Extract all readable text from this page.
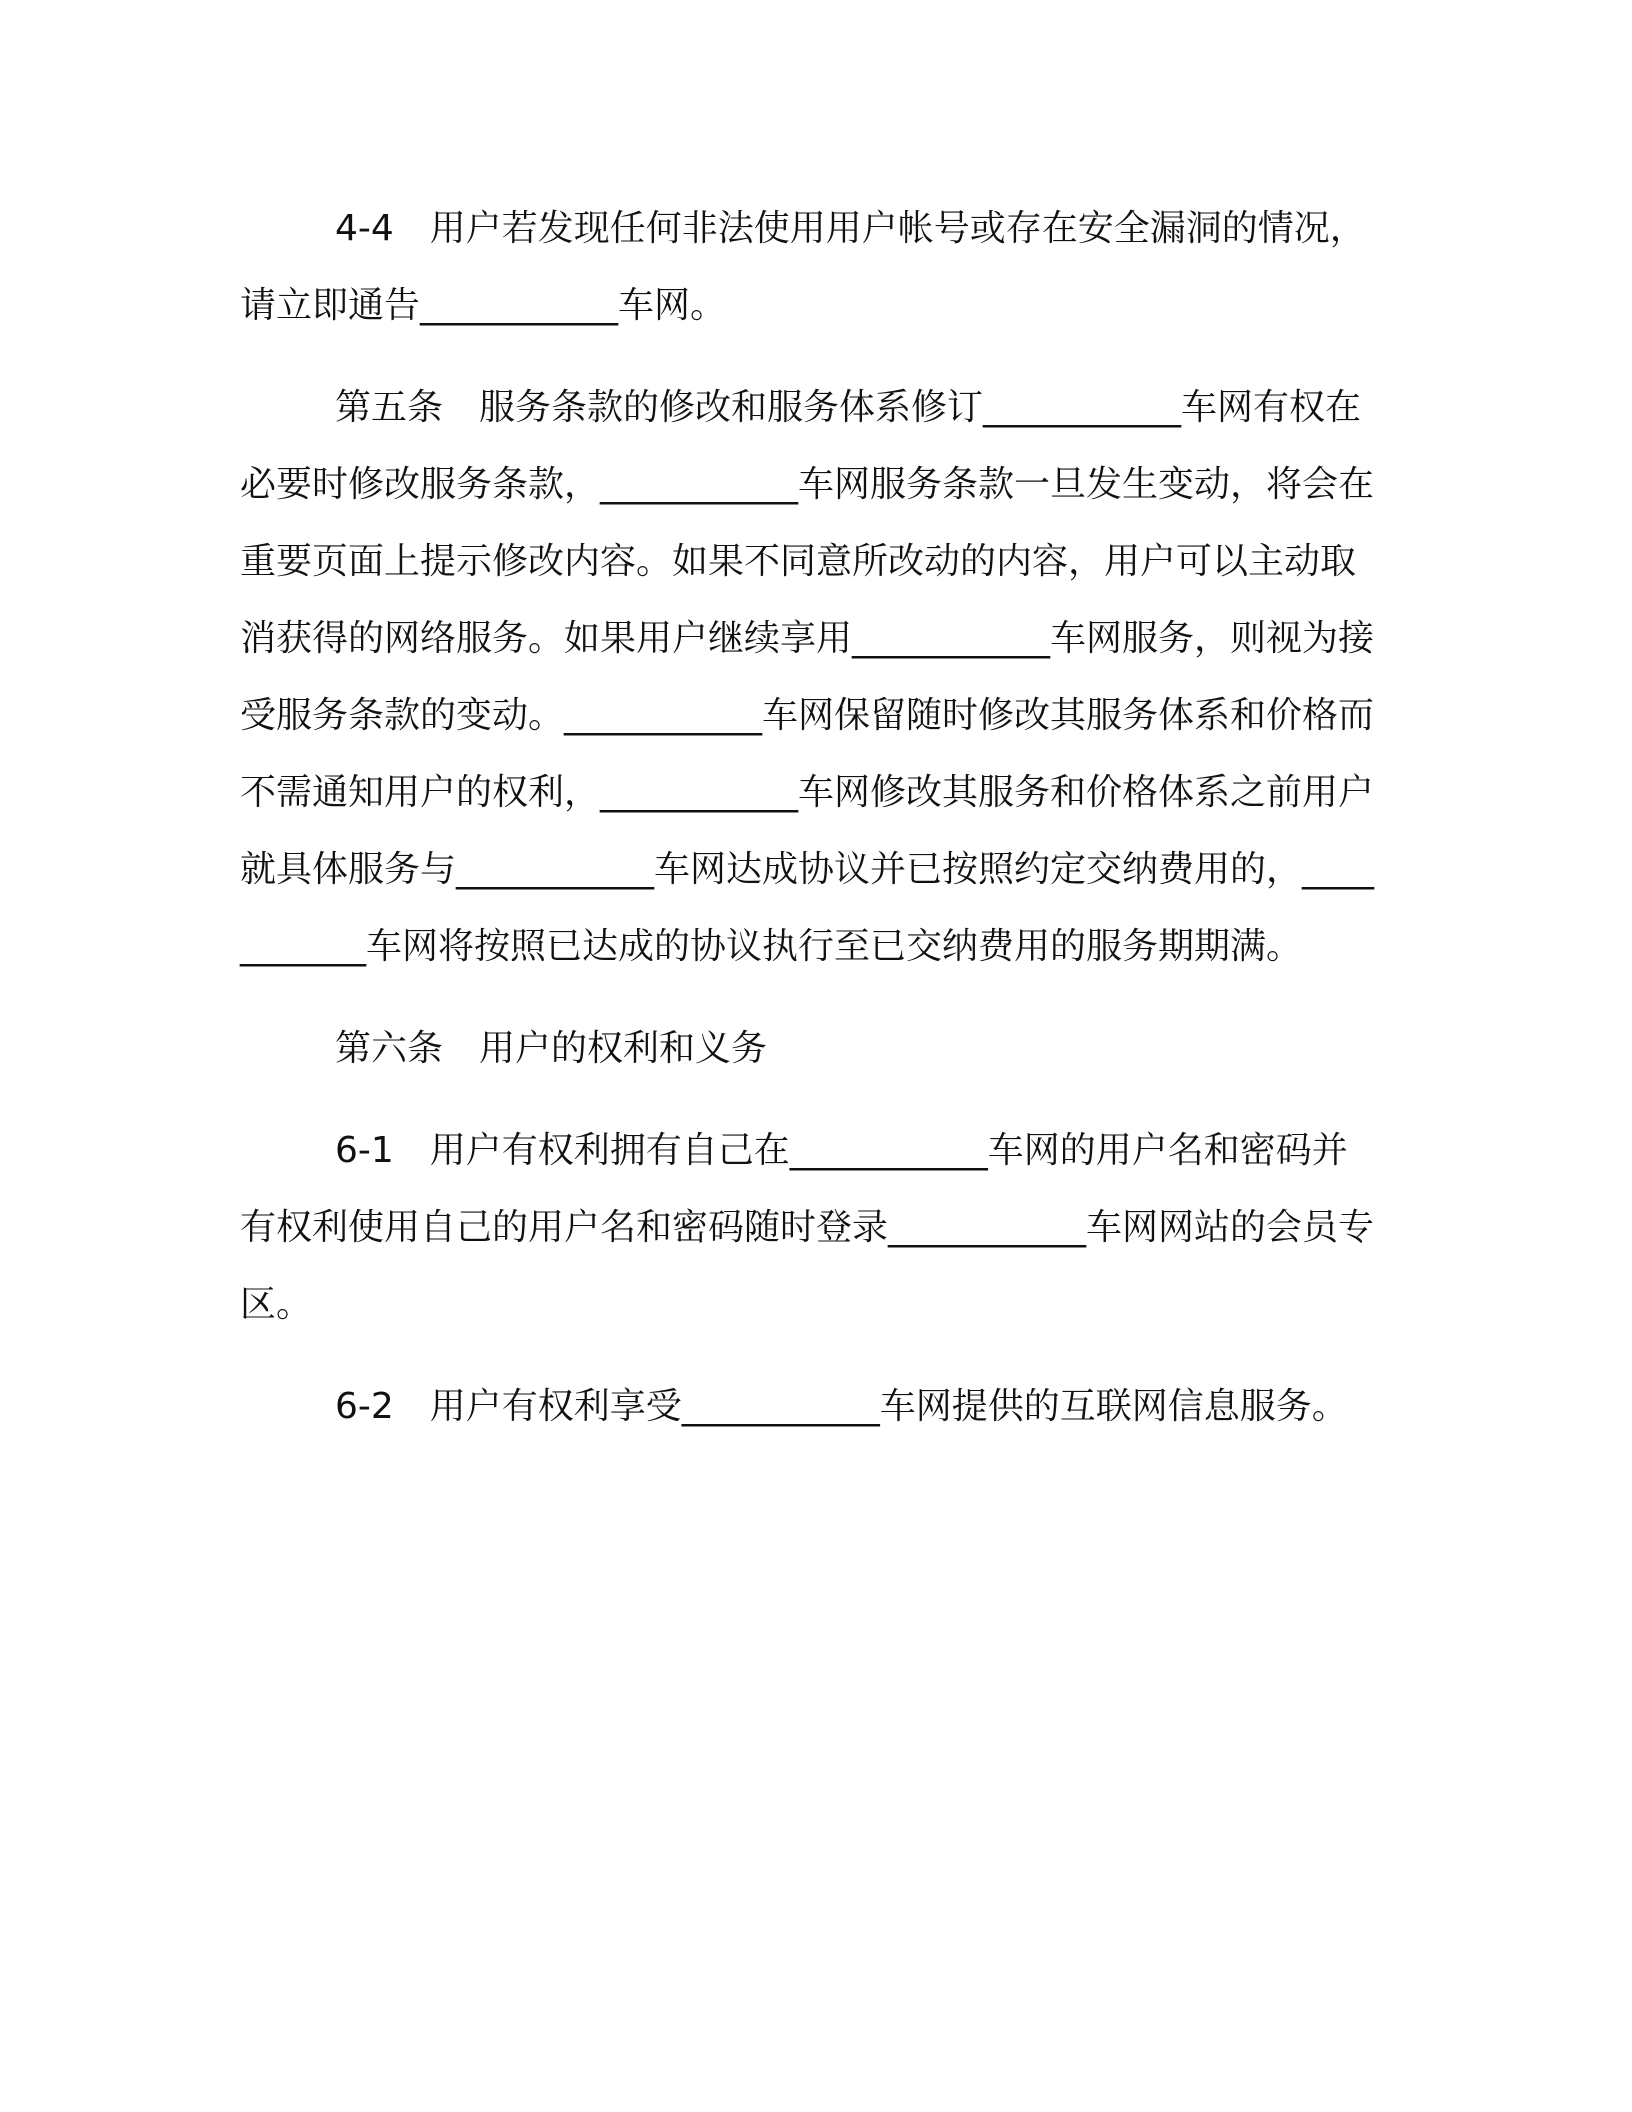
4-4　用户若发现任何非法使用用户帐号或存在安全漏洞的情况，请立即通告___________车网。

第五条　服务条款的修改和服务体系修订___________车网有权在必要时修改服务条款，___________车网服务条款一旦发生变动，将会在重要页面上提示修改内容。如果不同意所改动的内容，用户可以主动取消获得的网络服务。如果用户继续享用___________车网服务，则视为接受服务条款的变动。___________车网保留随时修改其服务体系和价格而不需通知用户的权利，___________车网修改其服务和价格体系之前用户就具体服务与___________车网达成协议并已按照约定交纳费用的，___________车网将按照已达成的协议执行至已交纳费用的服务期期满。

第六条　用户的权利和义务

6-1　用户有权利拥有自己在___________车网的用户名和密码并有权利使用自己的用户名和密码随时登录___________车网网站的会员专区。

6-2　用户有权利享受___________车网提供的互联网信息服务。
